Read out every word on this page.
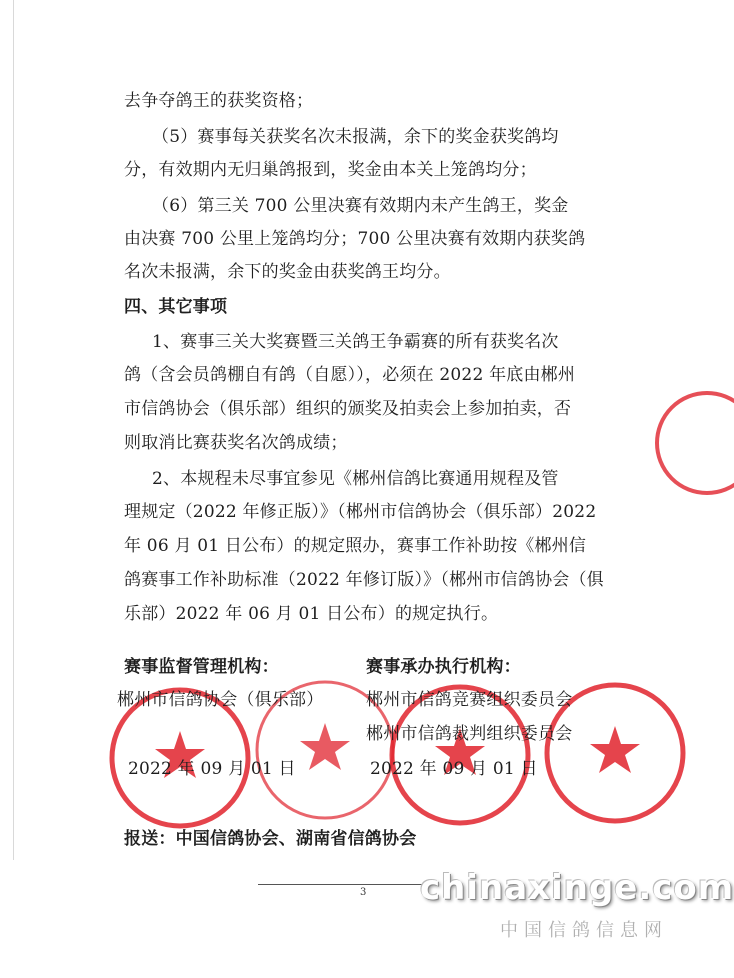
去争夺鸽王的获奖资格；
（5）赛事每关获奖名次未报满，余下的奖金获奖鸽均
分，有效期内无归巢鸽报到，奖金由本关上笼鸽均分；
（6）第三关 700 公里决赛有效期内未产生鸽王，奖金
由决赛 700 公里上笼鸽均分；700 公里决赛有效期内获奖鸽
名次未报满，余下的奖金由获奖鸽王均分。
四、其它事项
1、赛事三关大奖赛暨三关鸽王争霸赛的所有获奖名次
鸽（含会员鸽棚自有鸽（自愿）），必须在 2022 年底由郴州
市信鸽协会（俱乐部）组织的颁奖及拍卖会上参加拍卖，否
则取消比赛获奖名次鸽成绩；
2、本规程未尽事宜参见《郴州信鸽比赛通用规程及管
理规定（2022 年修正版）》（郴州市信鸽协会（俱乐部）2022
年 06 月 01 日公布）的规定照办，赛事工作补助按《郴州信
鸽赛事工作补助标准（2022 年修订版）》（郴州市信鸽协会（俱
乐部）2022 年 06 月 01 日公布）的规定执行。
赛事监督管理机构：
郴州市信鸽协会（俱乐部）
2022 年 09 月 01 日
赛事承办执行机构：
郴州市信鸽竞赛组织委员会
郴州市信鸽裁判组织委员会
2022 年 09 月 01 日
报送：中国信鸽协会、湖南省信鸽协会
3 chinaxinge.com
中国信鸽信息网
